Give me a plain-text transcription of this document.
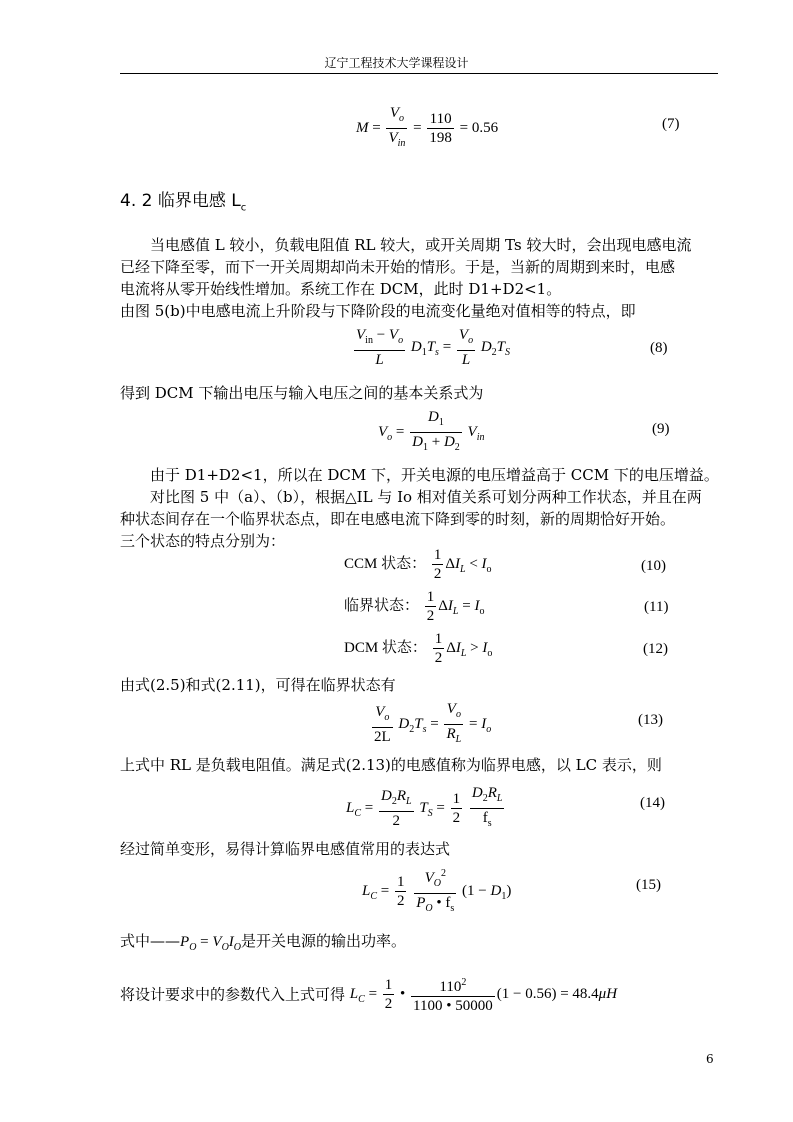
辽宁工程技术大学课程设计
$M = \frac{V_o}{V_{in}} = \frac{110}{198} = 0.56$	(7)
4. 2 临界电感 $L_c$
当电感值 L 较小，负载电阻值 RL 较大，或开关周期 Ts 较大时，会出现电感电流
已经下降至零，而下一开关周期却尚未开始的情形。于是，当新的周期到来时，电感
电流将从零开始线性增加。系统工作在 DCM，此时 D1+D2<1。
由图 5(b)中电感电流上升阶段与下降阶段的电流变化量绝对值相等的特点，即
$\frac{V_{in} - V_o}{L} D_1T_s = \frac{V_o}{L} D_2T_S$	(8)
得到 DCM 下输出电压与输入电压之间的基本关系式为
$V_o = \frac{D_1}{D_1 + D_2} V_{in}$
(9)
由于 D1+D2<1，所以在 DCM 下，开关电源的电压增益高于 CCM 下的电压增益。
对比图 5 中（a）、（b），根据△IL 与 Io 相对值关系可划分两种工作状态，并且在两
种状态间存在一个临界状态点，即在电感电流下降到零的时刻，新的周期恰好开始。
三个状态的特点分别为：
CCM 状态： $\frac{1}{2} \Delta I_L < I_o$	(10)
临界状态： $\frac{1}{2} \Delta I_L = I_o$	(11)
DCM 状态： $\frac{1}{2} \Delta I_L > I_o$	(12)
由式(2.5)和式(2.11)，可得在临界状态有
$\frac{V_o}{2L} D_2T_s = \frac{V_o}{R_L} = I_o$
(13)
上式中 RL 是负载电阻值。满足式(2.13)的电感值称为临界电感，以 LC 表示，则
$L_C = \frac{D_2R_L}{2} T_S = \frac{1}{2}$
$\frac{D_2R_L}{f_s}$	(14)
经过简单变形，易得计算临界电感值常用的表达式
$L_C = \frac{1}{2}$
$\frac{V_O^2}{P_O • f_s} (1 - D_1)$	(15)
式中$——P_O = V_OI_O$是开关电源的输出功率。
将设计要求中的参数代入上式可得 $L_C = \frac{1}{2}$ • $\frac{110^2}{1100 • 50000} (1 - 0.56) = 48.4\mu H$
6
